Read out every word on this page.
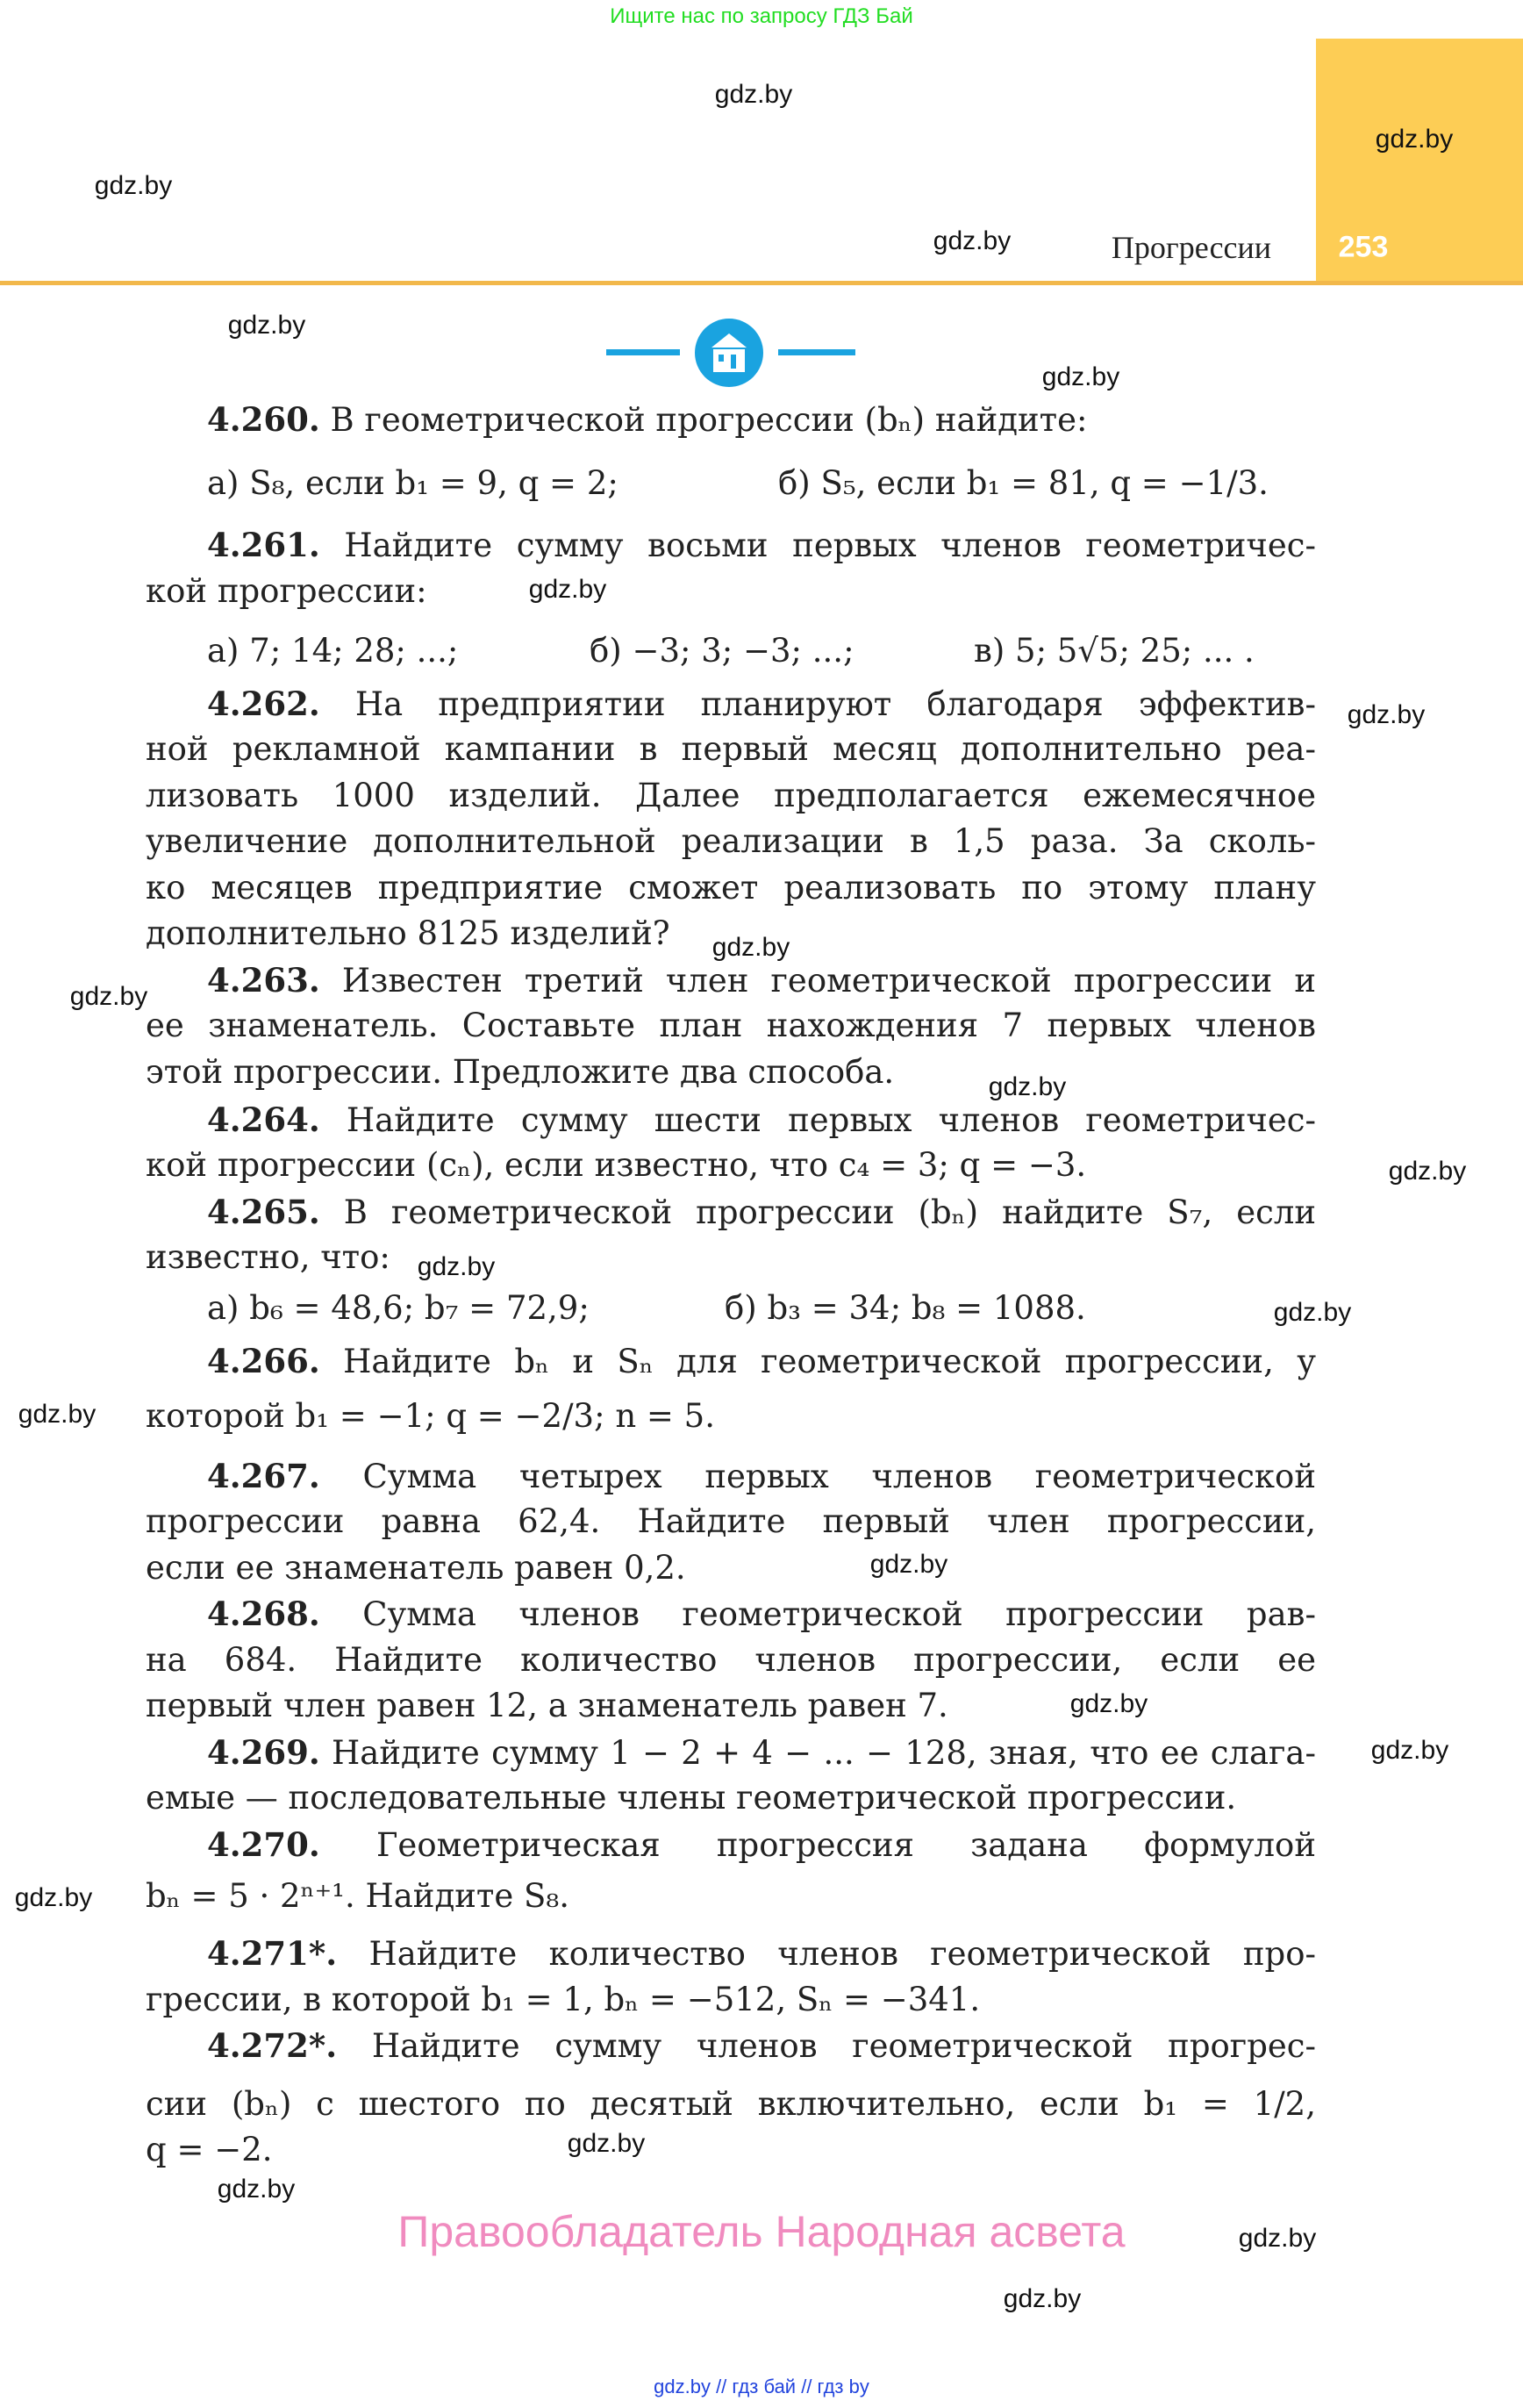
Ищите нас по запросу ГДЗ Бай
Прогрессии 253
4.260. В геометрической прогрессии (bₙ) найдите:
а) S₈, если b₁ = 9, q = 2;	б) S₅, если b₁ = 81, q = −1/3.
4.261. Найдите сумму восьми первых членов геометричес-
кой прогрессии:
а) 7; 14; 28; ...;	б) −3; 3; −3; ...;	в) 5; 5√5; 25; ... .
4.262. На предприятии планируют благодаря эффектив-
ной рекламной кампании в первый месяц дополнительно реа-
лизовать 1000 изделий. Далее предполагается ежемесячное
увеличение дополнительной реализации в 1,5 раза. За сколь-
ко месяцев предприятие сможет реализовать по этому плану
дополнительно 8125 изделий?
4.263. Известен третий член геометрической прогрессии и
ее знаменатель. Составьте план нахождения 7 первых членов
этой прогрессии. Предложите два способа.
4.264. Найдите сумму шести первых членов геометричес-
кой прогрессии (cₙ), если известно, что c₄ = 3; q = −3.
4.265. В геометрической прогрессии (bₙ) найдите S₇, если
известно, что:
а) b₆ = 48,6; b₇ = 72,9;	б) b₃ = 34; b₈ = 1088.
4.266. Найдите bₙ и Sₙ для геометрической прогрессии, у
которой b₁ = −1; q = −2/3; n = 5.
4.267. Сумма четырех первых членов геометрической
прогрессии равна 62,4. Найдите первый член прогрессии,
если ее знаменатель равен 0,2.
4.268. Сумма членов геометрической прогрессии рав-
на 684. Найдите количество членов прогрессии, если ее
первый член равен 12, а знаменатель равен 7.
4.269. Найдите сумму 1 − 2 + 4 − ... − 128, зная, что ее слага-
емые — последовательные члены геометрической прогрессии.
4.270. Геометрическая прогрессия задана формулой
bₙ = 5 · 2ⁿ⁺¹. Найдите S₈.
4.271*. Найдите количество членов геометрической про-
грессии, в которой b₁ = 1, bₙ = −512, Sₙ = −341.
4.272*. Найдите сумму членов геометрической прогрес-
сии (bₙ) с шестого по десятый включительно, если b₁ = 1/2,
q = −2.
gdz.by
gdz.by
gdz.by
gdz.by
gdz.by
gdz.by
gdz.by
gdz.by
gdz.by
gdz.by
gdz.by
gdz.by
gdz.by
gdz.by
gdz.by
gdz.by
gdz.by
gdz.by
gdz.by
gdz.by
gdz.by
gdz.by
gdz.by
Правообладатель Народная асвета
gdz.by // гдз бай // гдз by
